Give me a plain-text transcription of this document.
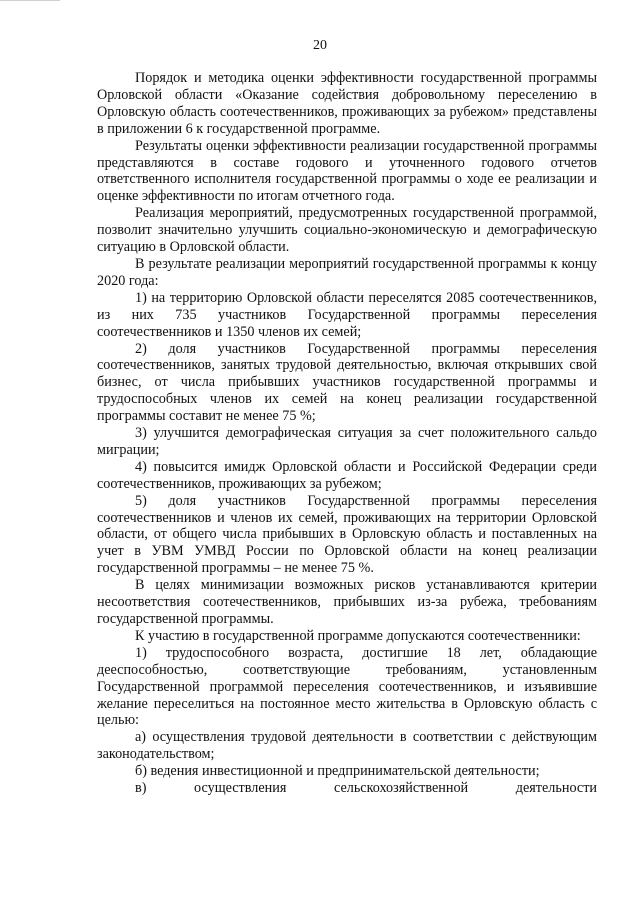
20

Порядок и методика оценки эффективности государственной программы Орловской области «Оказание содействия добровольному переселению в Орловскую область соотечественников, проживающих за рубежом» представлены в приложении 6 к государственной программе.

Результаты оценки эффективности реализации государственной программы представляются в составе годового и уточненного годового отчетов ответственного исполнителя государственной программы о ходе ее реализации и оценке эффективности по итогам отчетного года.

Реализация мероприятий, предусмотренных государственной программой, позволит значительно улучшить социально-экономическую и демографическую ситуацию в Орловской области.

В результате реализации мероприятий государственной программы к концу 2020 года:

1) на территорию Орловской области переселятся 2085 соотечественников, из них 735 участников Государственной программы переселения соотечественников и 1350 членов их семей;

2) доля участников Государственной программы переселения соотечественников, занятых трудовой деятельностью, включая открывших свой бизнес, от числа прибывших участников государственной программы и трудоспособных членов их семей на конец реализации государственной программы составит не менее 75 %;

3) улучшится демографическая ситуация за счет положительного сальдо миграции;

4) повысится имидж Орловской области и Российской Федерации среди соотечественников, проживающих за рубежом;

5) доля участников Государственной программы переселения соотечественников и членов их семей, проживающих на территории Орловской области, от общего числа прибывших в Орловскую область и поставленных на учет в УВМ УМВД России по Орловской области на конец реализации государственной программы – не менее 75 %.

В целях минимизации возможных рисков устанавливаются критерии несоответствия соотечественников, прибывших из-за рубежа, требованиям государственной программы.

К участию в государственной программе допускаются соотечественники:

1) трудоспособного возраста, достигшие 18 лет, обладающие дееспособностью, соответствующие требованиям, установленным Государственной программой переселения соотечественников, и изъявившие желание переселиться на постоянное место жительства в Орловскую область с целью:

а) осуществления трудовой деятельности в соответствии с действующим законодательством;

б) ведения инвестиционной и предпринимательской деятельности;

в) осуществления сельскохозяйственной деятельности
